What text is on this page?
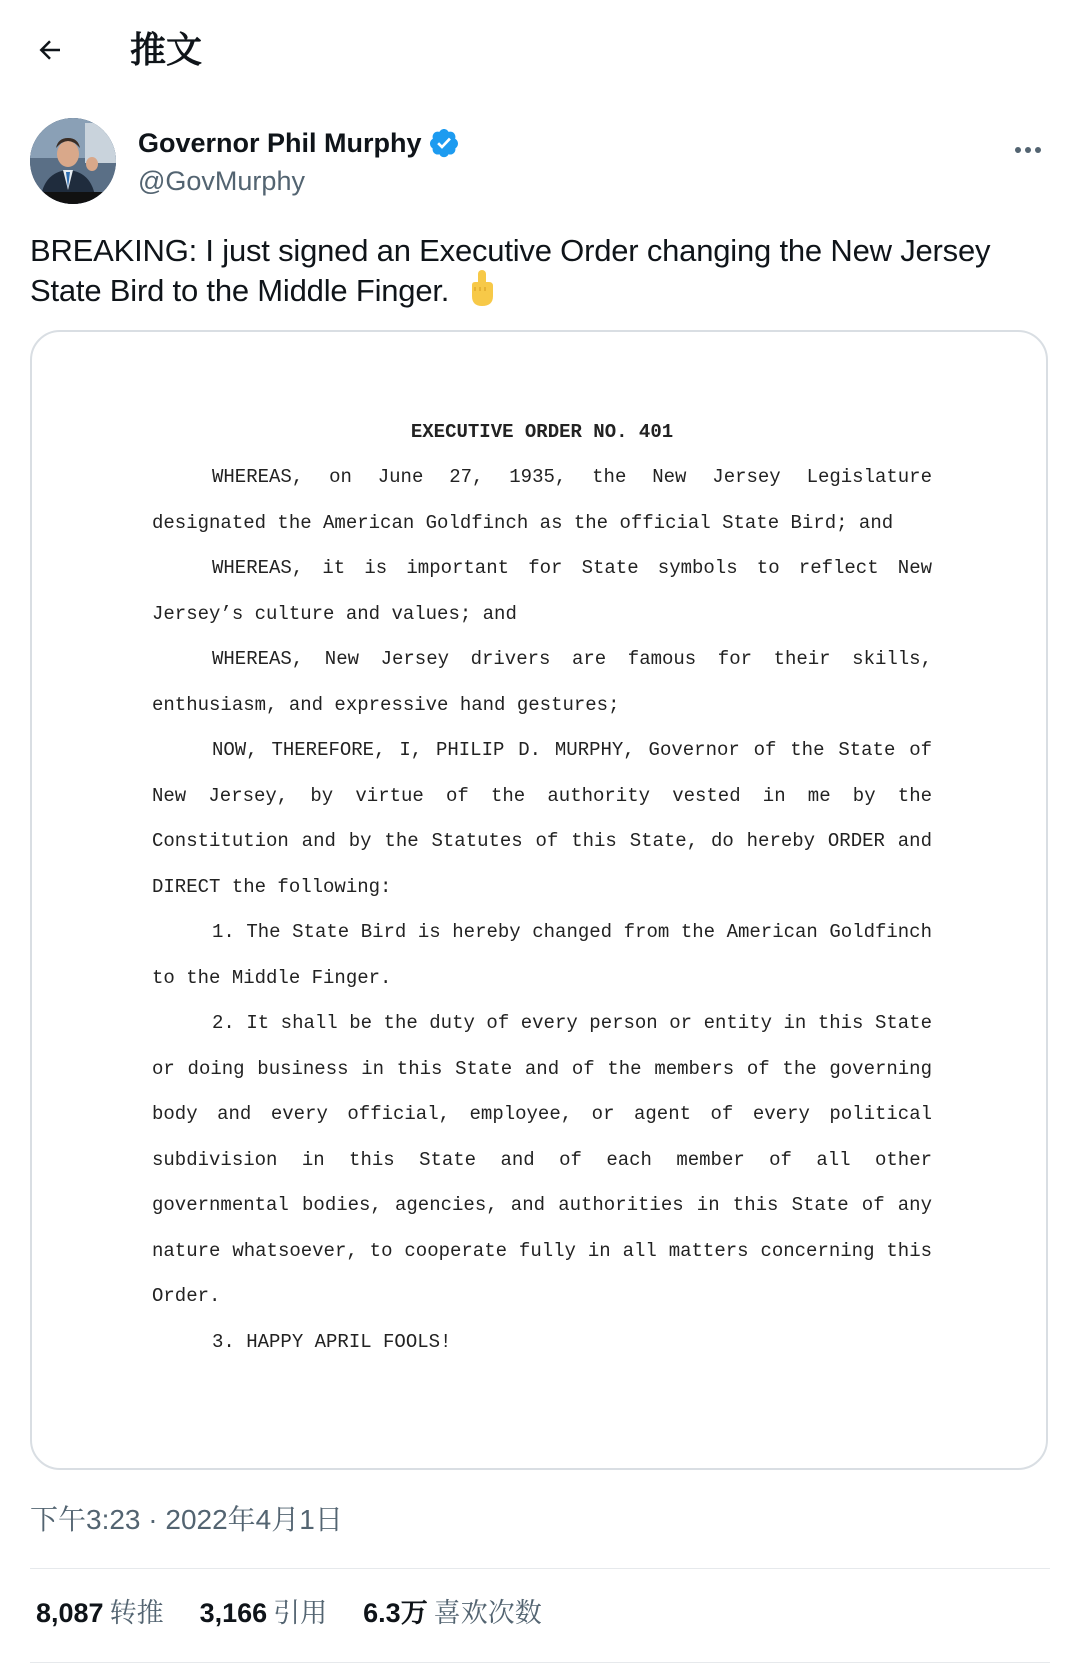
推文
Governor Phil Murphy
@GovMurphy
BREAKING: I just signed an Executive Order changing the New Jersey State Bird to the Middle Finger.
EXECUTIVE ORDER NO. 401

WHEREAS, on June 27, 1935, the New Jersey Legislature designated the American Goldfinch as the official State Bird; and

WHEREAS, it is important for State symbols to reflect New Jersey’s culture and values; and

WHEREAS, New Jersey drivers are famous for their skills, enthusiasm, and expressive hand gestures;

NOW, THEREFORE, I, PHILIP D. MURPHY, Governor of the State of New Jersey, by virtue of the authority vested in me by the Constitution and by the Statutes of this State, do hereby ORDER and DIRECT the following:

1. The State Bird is hereby changed from the American Goldfinch to the Middle Finger.

2. It shall be the duty of every person or entity in this State or doing business in this State and of the members of the governing body and every official, employee, or agent of every political subdivision in this State and of each member of all other governmental bodies, agencies, and authorities in this State of any nature whatsoever, to cooperate fully in all matters concerning this Order.

3. HAPPY APRIL FOOLS!

下午3:23 · 2022年4月1日
8,087 转推 3,166 引用 6.3万 喜欢次数
